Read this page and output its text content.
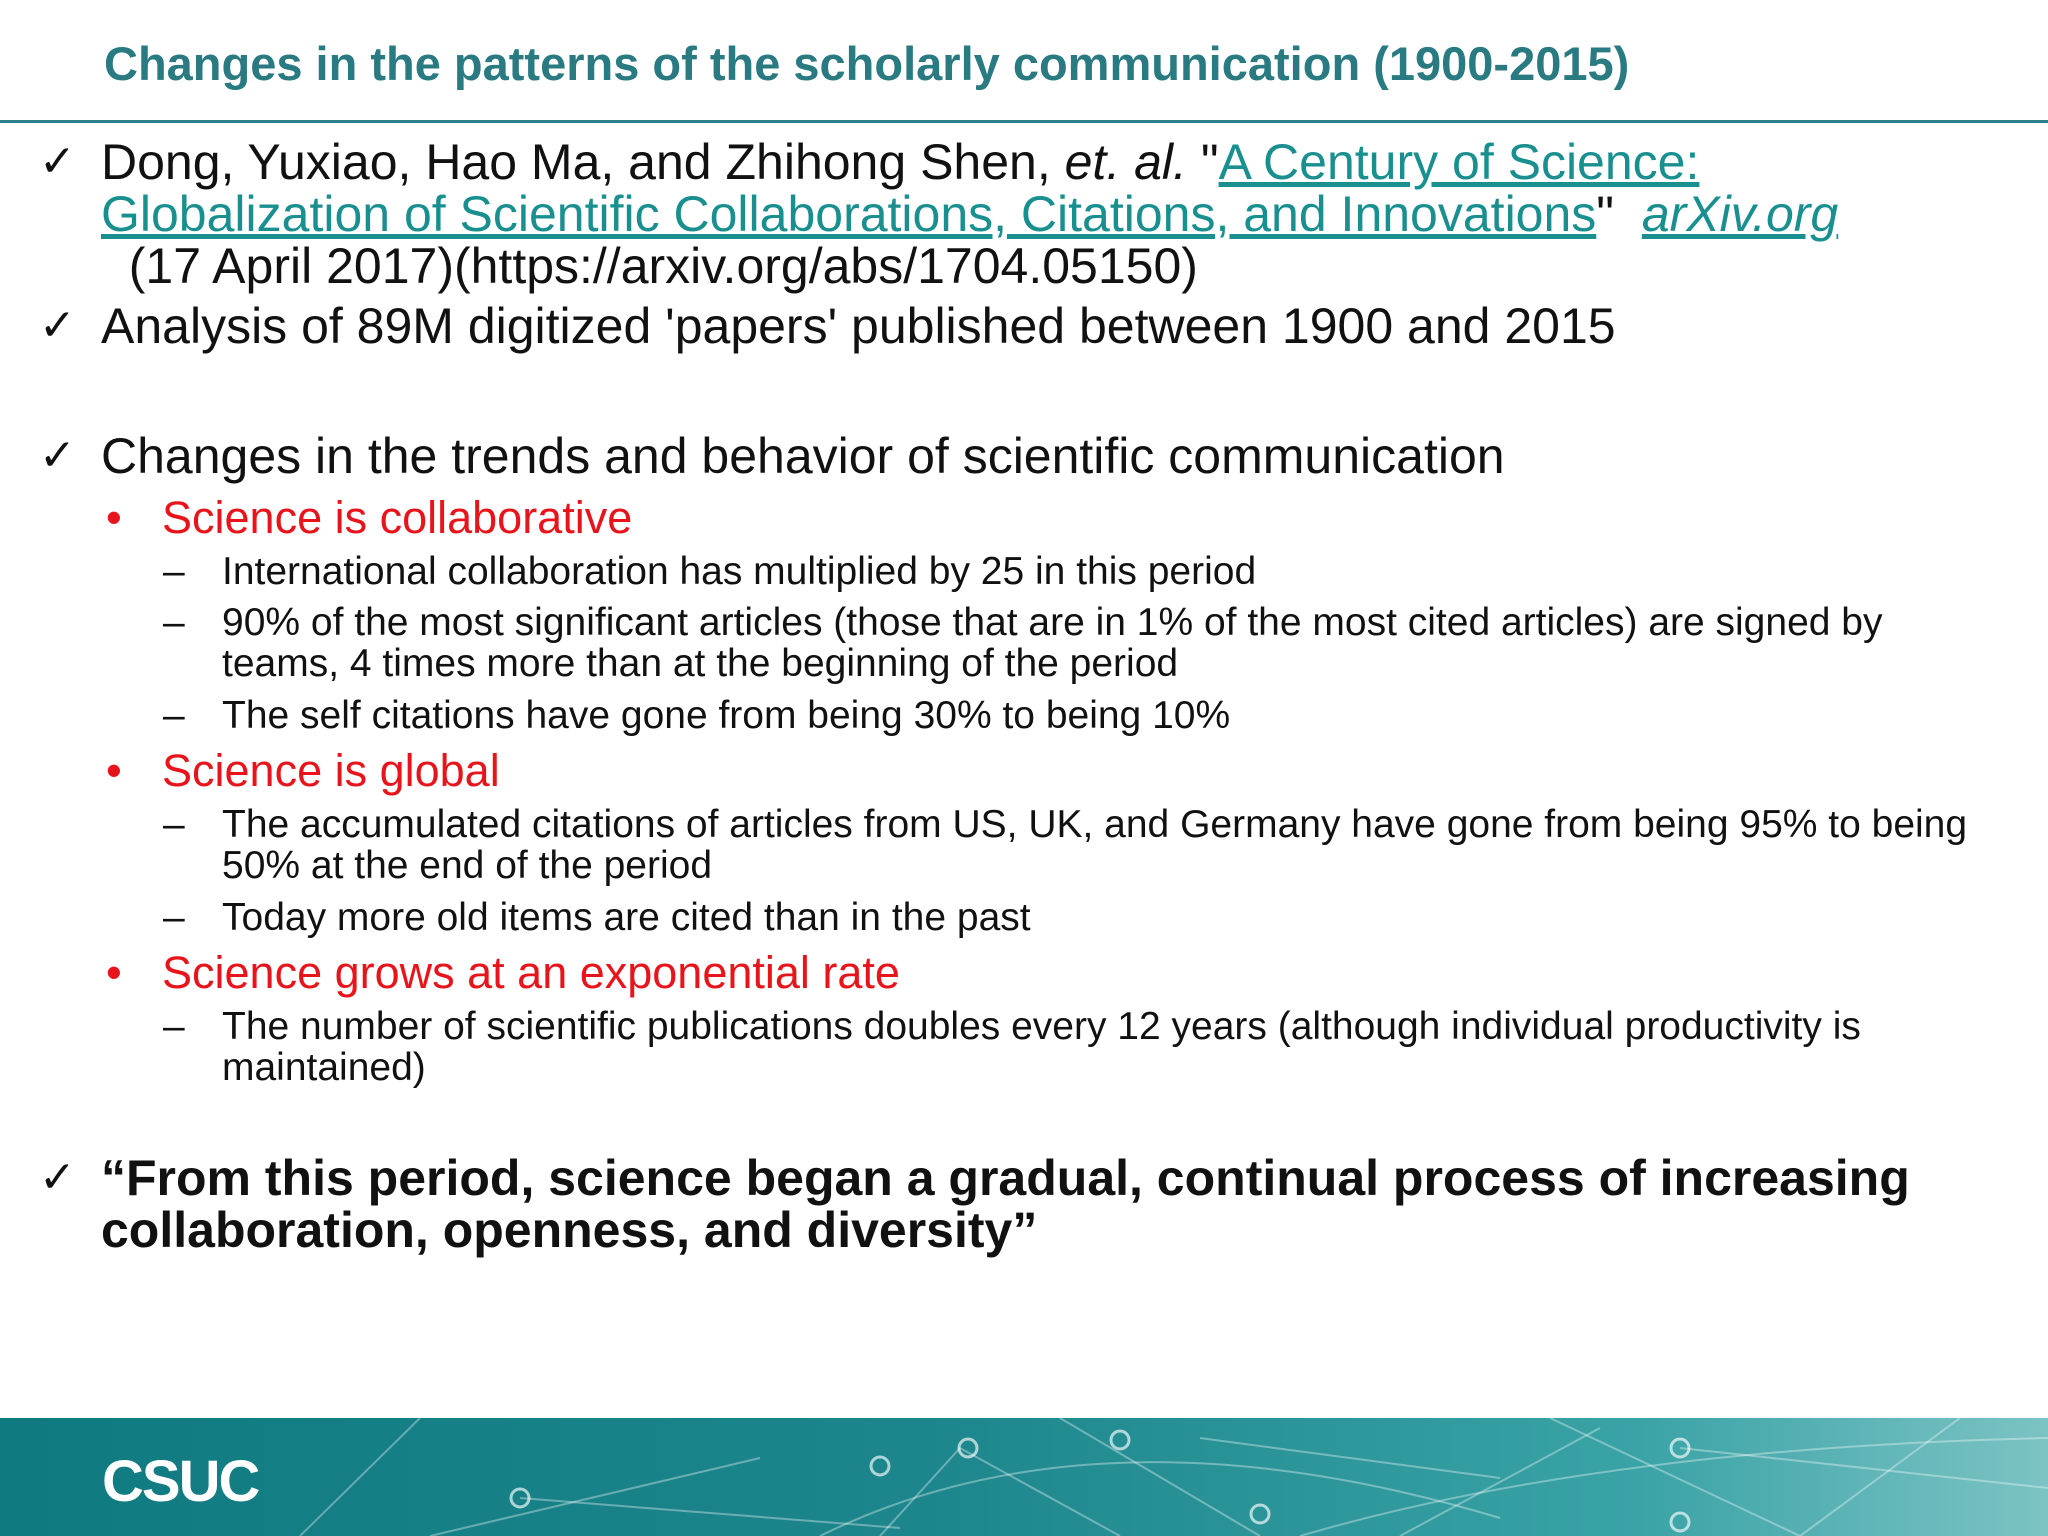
Changes in the patterns of the scholarly communication (1900-2015)
✓ Dong, Yuxiao, Hao Ma, and Zhihong Shen, et. al. "A Century of Science: Globalization of Scientific Collaborations, Citations, and Innovations"  arXiv.org  (17 April 2017)(https://arxiv.org/abs/1704.05150)
✓ Analysis of 89M digitized 'papers' published between 1900 and 2015
✓ Changes in the trends and behavior of scientific communication
• Science is collaborative
– International collaboration has multiplied by 25 in this period
– 90% of the most significant articles (those that are in 1% of the most cited articles) are signed by teams, 4 times more than at the beginning of the period
– The self citations have gone from being 30% to being 10%
• Science is global
– The accumulated citations of articles from US, UK, and Germany have gone from being 95% to being 50% at the end of the period
– Today more old items are cited than in the past
• Science grows at an exponential rate
– The number of scientific publications doubles every 12 years (although individual productivity is maintained)
✓ “From this period, science began a gradual, continual process of increasing collaboration, openness, and diversity”
CSUC
